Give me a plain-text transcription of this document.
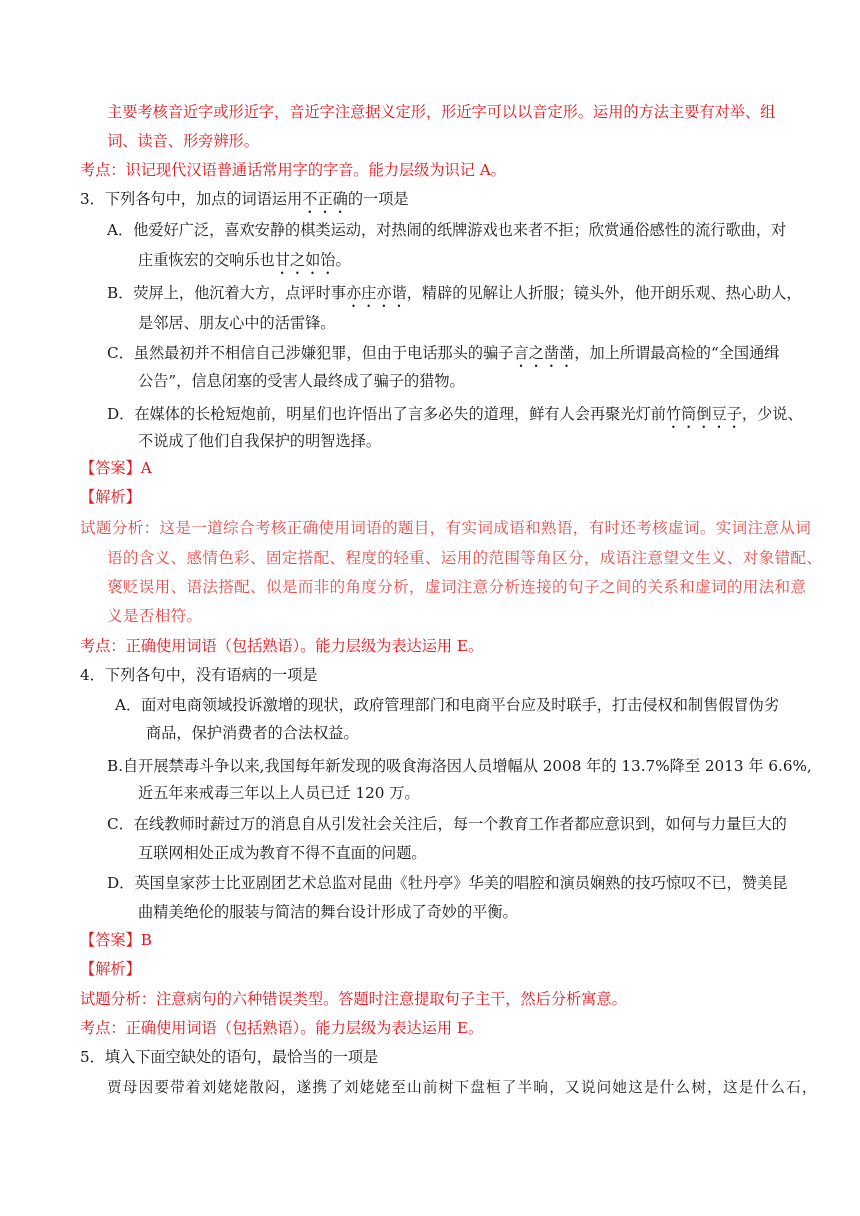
主要考核音近字或形近字，音近字注意据义定形，形近字可以以音定形。运用的方法主要有对举、组
词、读音、形旁辨形。
考点：识记现代汉语普通话常用字的字音。能力层级为识记 A。
3．下列各句中，加点的词语运用不正确的一项是
A．他爱好广泛，喜欢安静的棋类运动，对热闹的纸牌游戏也来者不拒；欣赏通俗感性的流行歌曲，对
庄重恢宏的交响乐也甘之如饴。
B．荧屏上，他沉着大方，点评时事亦庄亦谐，精辟的见解让人折服；镜头外，他开朗乐观、热心助人，
是邻居、朋友心中的活雷锋。
C．虽然最初并不相信自己涉嫌犯罪，但由于电话那头的骗子言之凿凿，加上所谓最高检的“全国通缉
公告”，信息闭塞的受害人最终成了骗子的猎物。
D．在媒体的长枪短炮前，明星们也许悟出了言多必失的道理，鲜有人会再聚光灯前竹筒倒豆子，少说、
不说成了他们自我保护的明智选择。
【答案】A
【解析】
试题分析：这是一道综合考核正确使用词语的题目，有实词成语和熟语，有时还考核虚词。实词注意从词
语的含义、感情色彩、固定搭配、程度的轻重、运用的范围等角区分，成语注意望文生义、对象错配、
褒贬误用、语法搭配、似是而非的角度分析，虚词注意分析连接的句子之间的关系和虚词的用法和意
义是否相符。
考点：正确使用词语（包括熟语）。能力层级为表达运用 E。
4．下列各句中，没有语病的一项是
A．面对电商领域投诉激增的现状，政府管理部门和电商平台应及时联手，打击侵权和制售假冒伪劣
商品，保护消费者的合法权益。
B.自开展禁毒斗争以来,我国每年新发现的吸食海洛因人员增幅从 2008 年的 13.7%降至 2013 年 6.6%,
近五年来戒毒三年以上人员已迁 120 万。
C．在线教师时薪过万的消息自从引发社会关注后，每一个教育工作者都应意识到，如何与力量巨大的
互联网相处正成为教育不得不直面的问题。
D．英国皇家莎士比亚剧团艺术总监对昆曲《牡丹亭》华美的唱腔和演员娴熟的技巧惊叹不已，赞美昆
曲精美绝伦的服装与简洁的舞台设计形成了奇妙的平衡。
【答案】B
【解析】
试题分析：注意病句的六种错误类型。答题时注意提取句子主干，然后分析寓意。
考点：正确使用词语（包括熟语）。能力层级为表达运用 E。
5．填入下面空缺处的语句，最恰当的一项是
贾母因要带着刘姥姥散闷，遂携了刘姥姥至山前树下盘桓了半晌，又说问她这是什么树，这是什么石，
